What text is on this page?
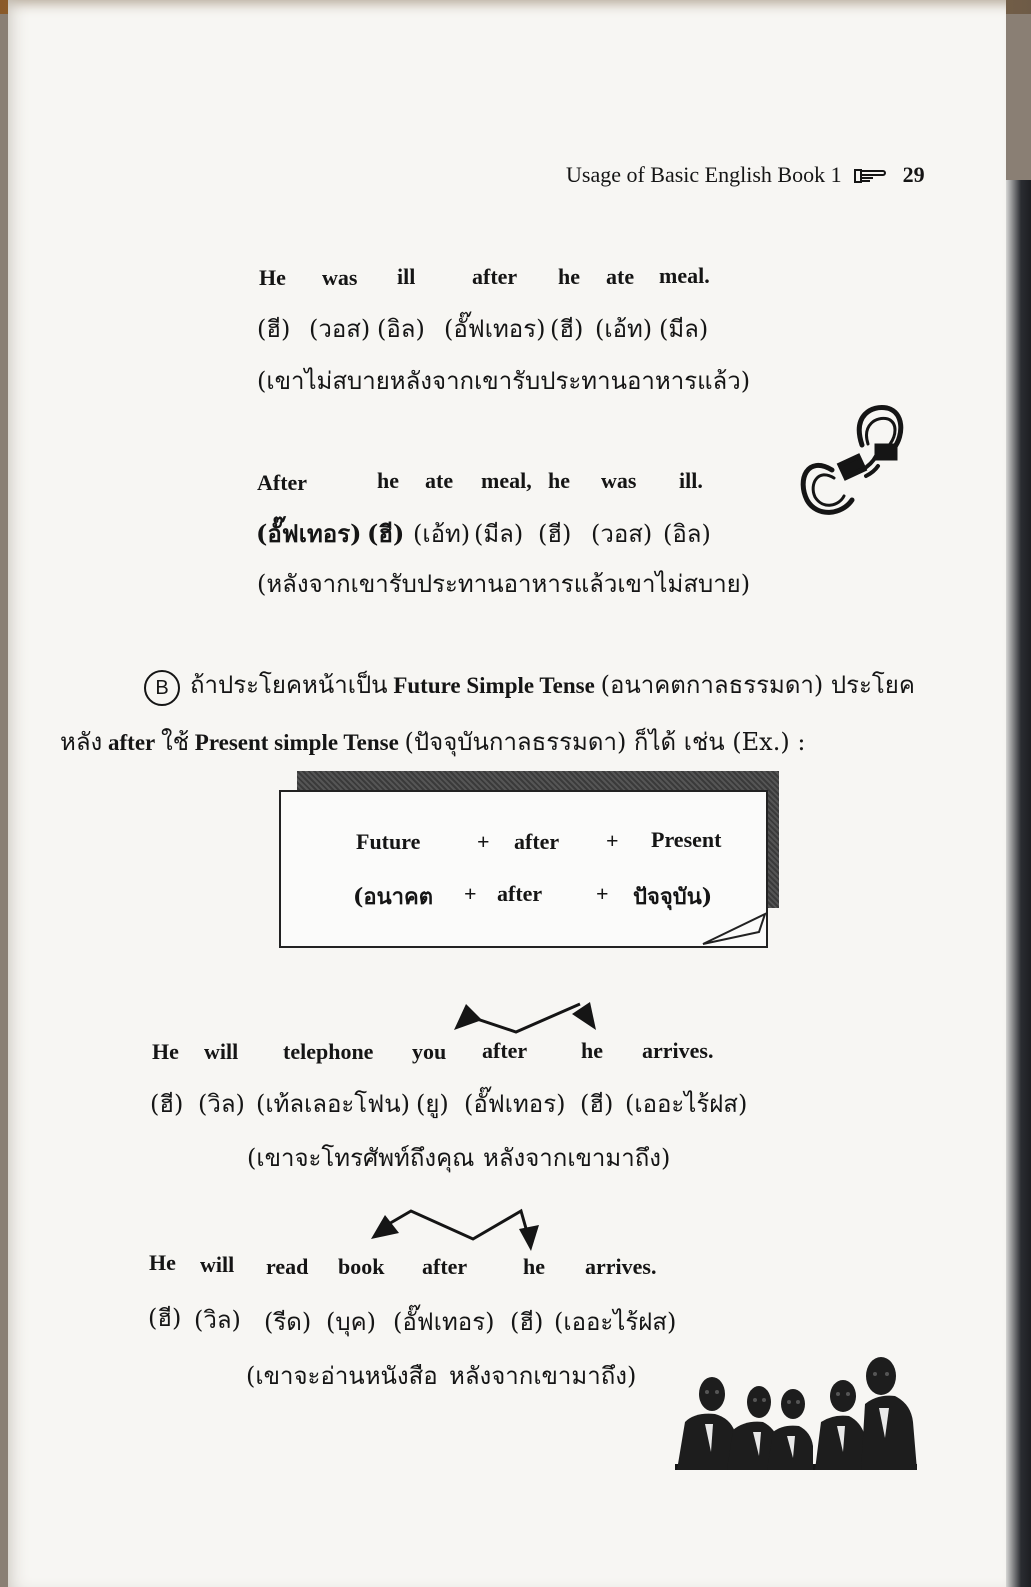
Usage of Basic English Book 1	29
He was ill	after he ate meal.
(ฮี) (วอส) (อิล) (อั๊ฟเทอร) (ฮี) (เอ้ท) (มีล)
(เขาไม่สบายหลังจากเขารับประทานอาหารแล้ว)
After	he ate meal, he was ill.
(อั๊ฟเทอร) (ฮี) (เอ้ท) (มีล) (ฮี) (วอส) (อิล)
(หลังจากเขารับประทานอาหารแล้วเขาไม่สบาย)
B ถ้าประโยคหน้าเป็น Future Simple Tense (อนาคตกาลธรรมดา) ประโยค
หลัง after ใช้ Present simple Tense (ปัจจุบันกาลธรรมดา) ก็ได้ เช่น (Ex.) :
Future	+ after + Present
(อนาคต + after + ปัจจุบัน)
He will telephone you after he arrives.
(ฮี) (วิล) (เท้ลเลอะโฟน) (ยู) (อั๊ฟเทอร) (ฮี) (เออะไร้ฝส)
(เขาจะโทรศัพท์ถึงคุณ หลังจากเขามาถึง)
He will read book after	he arrives.
(ฮี) (วิล) (รีด) (บุค) (อั๊ฟเทอร) (ฮี) (เออะไร้ฝส)
(เขาจะอ่านหนังสือ หลังจากเขามาถึง)
